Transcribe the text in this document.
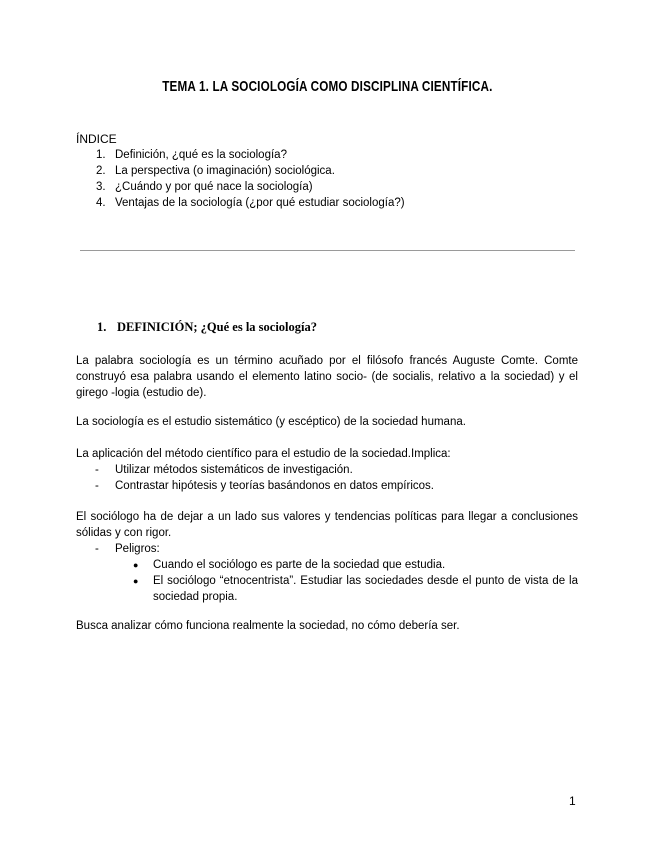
TEMA 1. LA SOCIOLOGÍA COMO DISCIPLINA CIENTÍFICA.
ÍNDICE
1. Definición, ¿qué es la sociología?
2. La perspectiva (o imaginación) sociológica.
3. ¿Cuándo y por qué nace la sociología)
4. Ventajas de la sociología (¿por qué estudiar sociología?)
1. DEFINICIÓN; ¿Qué es la sociología?
La palabra sociología es un término acuñado por el filósofo francés Auguste Comte. Comte construyó esa palabra usando el elemento latino socio- (de socialis, relativo a la sociedad) y el girego -logia (estudio de).
La sociología es el estudio sistemático (y escéptico) de la sociedad humana.
La aplicación del método científico para el estudio de la sociedad.Implica:
-	Utilizar métodos sistemáticos de investigación.
-	Contrastar hipótesis y teorías basándonos en datos empíricos.
El sociólogo ha de dejar a un lado sus valores y tendencias políticas para llegar a conclusiones sólidas y con rigor.
-	Peligros:
●	Cuando el sociólogo es parte de la sociedad que estudia.
●	El sociólogo “etnocentrista”. Estudiar las sociedades desde el punto de vista de la sociedad propia.
Busca analizar cómo funciona realmente la sociedad, no cómo debería ser.
1
